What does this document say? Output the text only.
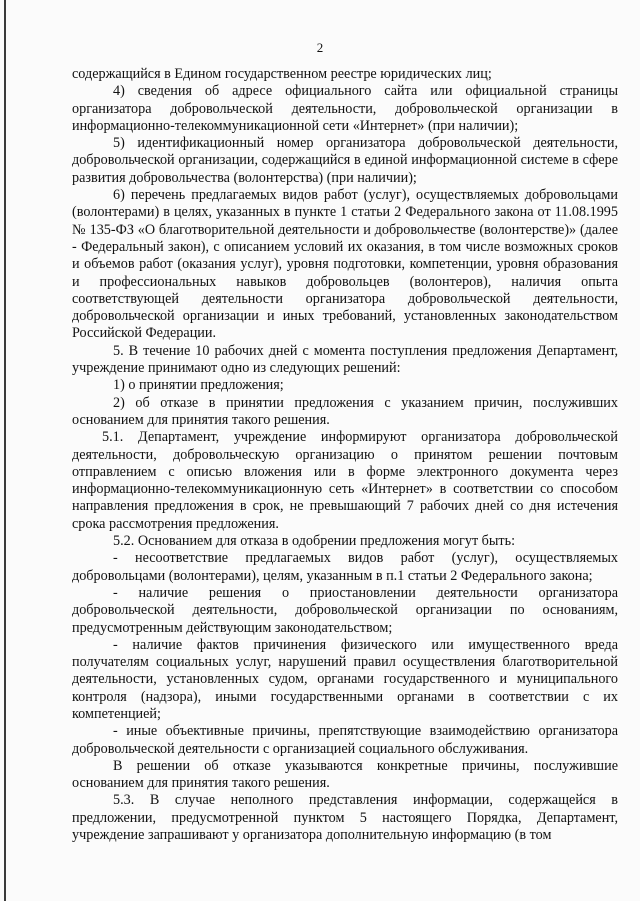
2

содержащийся в Едином государственном реестре юридических лиц;

4) сведения об адресе официального сайта или официальной страницы организатора добровольческой деятельности, добровольческой организации в информационно-телекоммуникационной сети «Интернет» (при наличии);

5) идентификационный номер организатора добровольческой деятельности, добровольческой организации, содержащийся в единой информационной системе в сфере развития добровольчества (волонтерства) (при наличии);

6) перечень предлагаемых видов работ (услуг), осуществляемых добровольцами (волонтерами) в целях, указанных в пункте 1 статьи 2 Федерального закона от 11.08.1995 № 135-ФЗ «О благотворительной деятельности и добровольчестве (волонтерстве)» (далее - Федеральный закон), с описанием условий их оказания, в том числе возможных сроков и объемов работ (оказания услуг), уровня подготовки, компетенции, уровня образования и профессиональных навыков добровольцев (волонтеров), наличия опыта соответствующей деятельности организатора добровольческой деятельности, добровольческой организации и иных требований, установленных законодательством Российской Федерации.

5. В течение 10 рабочих дней с момента поступления предложения Департамент, учреждение принимают одно из следующих решений:

1) о принятии предложения;

2) об отказе в принятии предложения с указанием причин, послуживших основанием для принятия такого решения.

5.1. Департамент, учреждение информируют организатора добровольческой деятельности, добровольческую организацию о принятом решении почтовым отправлением с описью вложения или в форме электронного документа через информационно-телекоммуникационную сеть «Интернет» в соответствии со способом направления предложения в срок, не превышающий 7 рабочих дней со дня истечения срока рассмотрения предложения.

5.2. Основанием для отказа в одобрении предложения могут быть:

- несоответствие предлагаемых видов работ (услуг), осуществляемых добровольцами (волонтерами), целям, указанным в п.1 статьи 2 Федерального закона;

- наличие решения о приостановлении деятельности организатора добровольческой деятельности, добровольческой организации по основаниям, предусмотренным действующим законодательством;

- наличие фактов причинения физического или имущественного вреда получателям социальных услуг, нарушений правил осуществления благотворительной деятельности, установленных судом, органами государственного и муниципального контроля (надзора), иными государственными органами в соответствии с их компетенцией;

- иные объективные причины, препятствующие взаимодействию организатора добровольческой деятельности с организацией социального обслуживания.

В решении об отказе указываются конкретные причины, послужившие основанием для принятия такого решения.

5.3. В случае неполного представления информации, содержащейся в предложении, предусмотренной пунктом 5 настоящего Порядка, Департамент, учреждение запрашивают у организатора дополнительную информацию (в том
